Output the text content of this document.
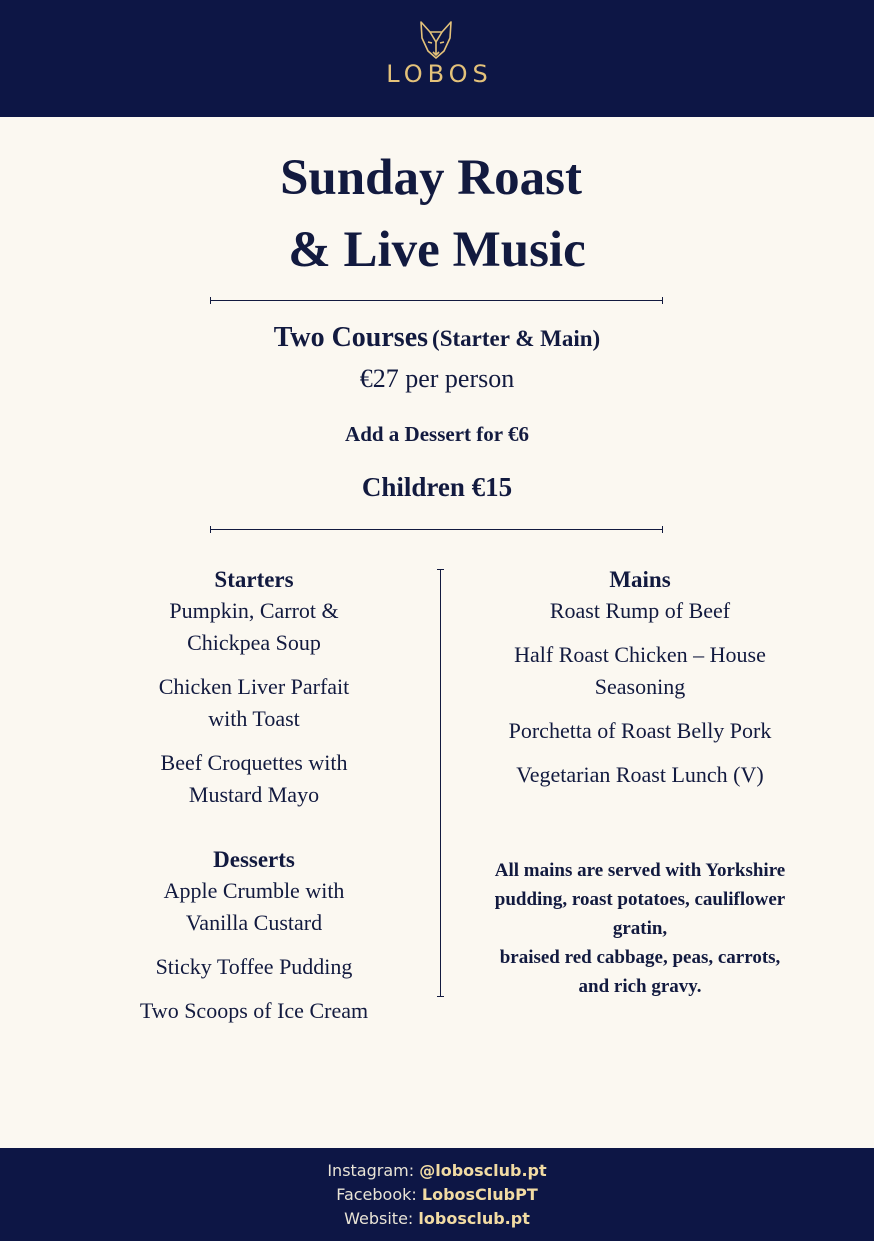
LOBOS
Sunday Roast
& Live Music
Two Courses (Starter & Main)
€27 per person
Add a Dessert for €6
Children €15
Starters
Pumpkin, Carrot &
Chickpea Soup
Chicken Liver Parfait
with Toast
Beef Croquettes with
Mustard Mayo
Desserts
Apple Crumble with
Vanilla Custard
Sticky Toffee Pudding
Two Scoops of Ice Cream
Mains
Roast Rump of Beef
Half Roast Chicken – House
Seasoning
Porchetta of Roast Belly Pork
Vegetarian Roast Lunch (V)
All mains are served with Yorkshire
pudding, roast potatoes, cauliflower
gratin,
braised red cabbage, peas, carrots,
and rich gravy.
Instagram: @lobosclub.pt
Facebook: LobosClubPT
Website: lobosclub.pt
